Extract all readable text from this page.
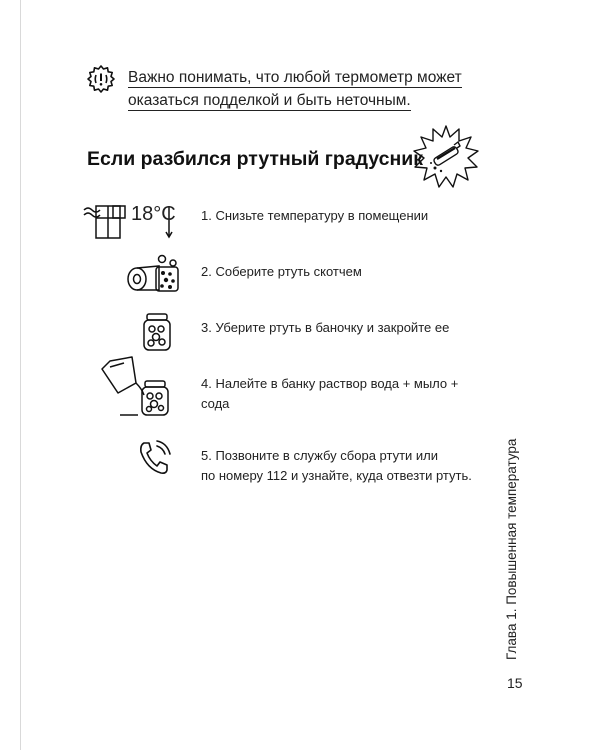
Важно понимать, что любой термометр может
оказаться подделкой и быть неточным.
Если разбился ртутный градусник
18°C 1. Снизьте температуру в помещении
2. Соберите ртуть скотчем
3. Уберите ртуть в баночку и закройте ее
4. Налейте в банку раствор вода + мыло +
сода
5. Позвоните в службу сбора ртути или
по номеру 112 и узнайте, куда отвезти ртуть. Глава 1. Повышенная температура
15
